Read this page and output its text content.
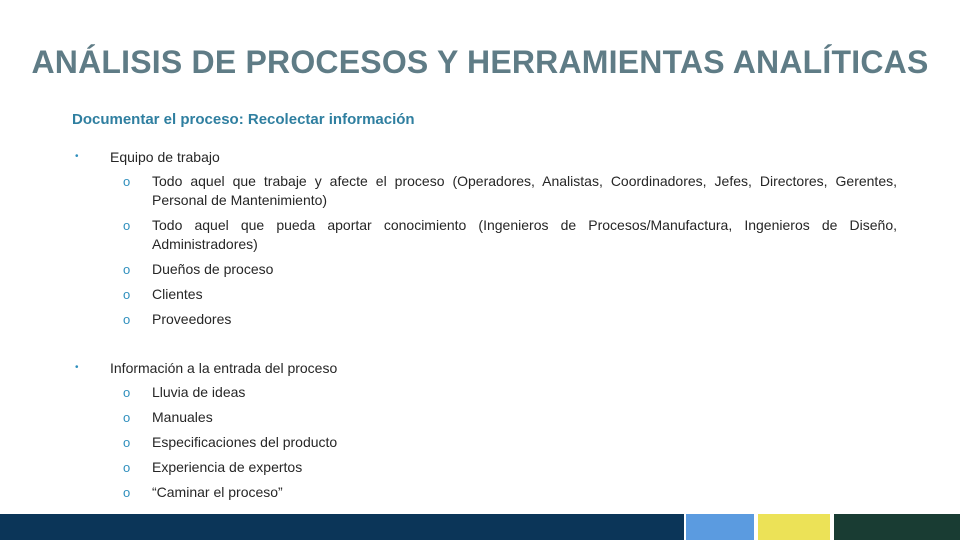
ANÁLISIS DE PROCESOS Y HERRAMIENTAS ANALÍTICAS
Documentar el proceso: Recolectar información
• Equipo de trabajo
o Todo aquel que trabaje y afecte el proceso (Operadores, Analistas, Coordinadores, Jefes, Directores, Gerentes, Personal de Mantenimiento)
o Todo aquel que pueda aportar conocimiento (Ingenieros de Procesos/Manufactura, Ingenieros de Diseño, Administradores)
o Dueños de proceso
o Clientes
o Proveedores
• Información a la entrada del proceso
o Lluvia de ideas
o Manuales
o Especificaciones del producto
o Experiencia de expertos
o “Caminar el proceso”
